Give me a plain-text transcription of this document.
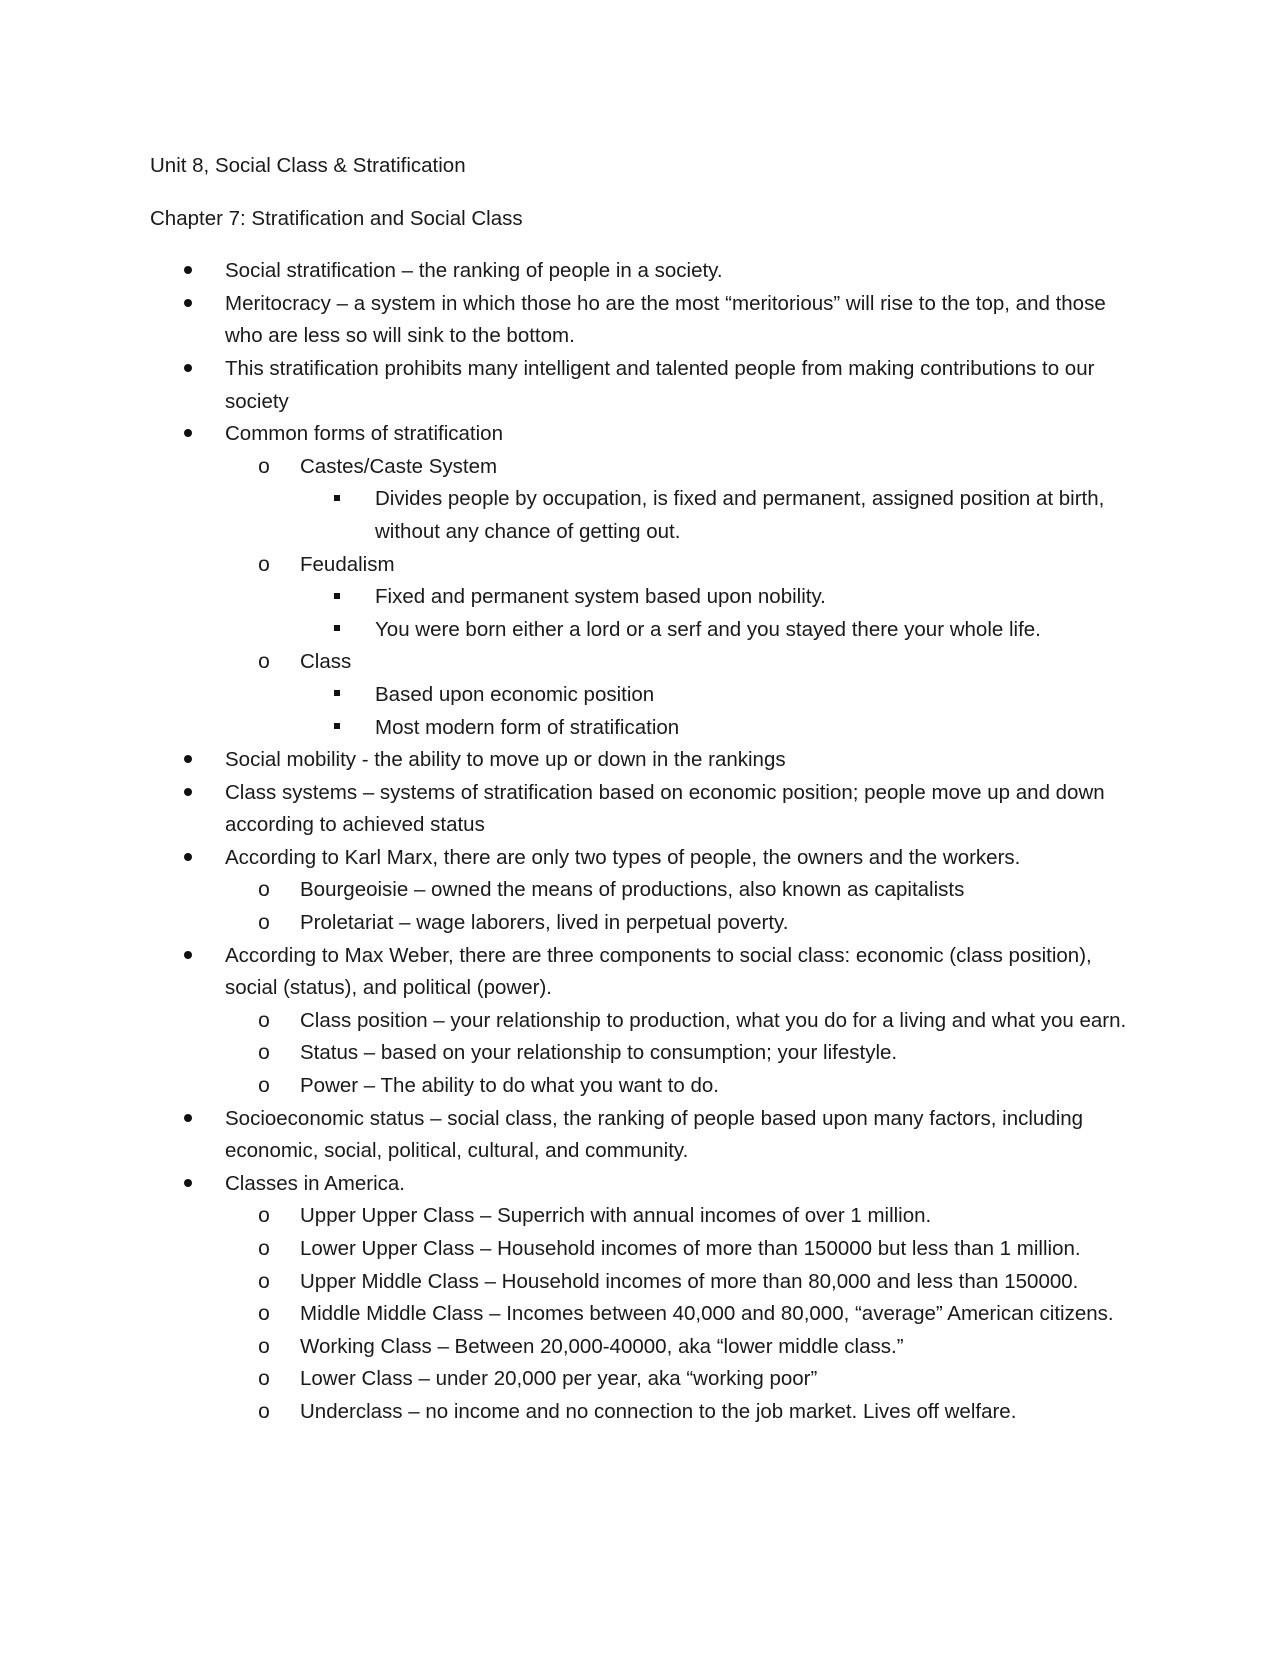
Unit 8, Social Class & Stratification

Chapter 7: Stratification and Social Class

Social stratification – the ranking of people in a society.
Meritocracy – a system in which those ho are the most “meritorious” will rise to the top, and those who are less so will sink to the bottom.
This stratification prohibits many intelligent and talented people from making contributions to our society
Common forms of stratification
o Castes/Caste System
Divides people by occupation, is fixed and permanent, assigned position at birth, without any chance of getting out.
o Feudalism
Fixed and permanent system based upon nobility.
You were born either a lord or a serf and you stayed there your whole life.
o Class
Based upon economic position
Most modern form of stratification
Social mobility - the ability to move up or down in the rankings
Class systems – systems of stratification based on economic position; people move up and down according to achieved status
According to Karl Marx, there are only two types of people, the owners and the workers.
o Bourgeoisie – owned the means of productions, also known as capitalists
o Proletariat – wage laborers, lived in perpetual poverty.
According to Max Weber, there are three components to social class: economic (class position), social (status), and political (power).
o Class position – your relationship to production, what you do for a living and what you earn.
o Status – based on your relationship to consumption; your lifestyle.
o Power – The ability to do what you want to do.
Socioeconomic status – social class, the ranking of people based upon many factors, including economic, social, political, cultural, and community.
Classes in America.
o Upper Upper Class – Superrich with annual incomes of over 1 million.
o Lower Upper Class – Household incomes of more than 150000 but less than 1 million.
o Upper Middle Class – Household incomes of more than 80,000 and less than 150000.
o Middle Middle Class – Incomes between 40,000 and 80,000, “average” American citizens.
o Working Class – Between 20,000-40000, aka “lower middle class.”
o Lower Class – under 20,000 per year, aka “working poor”
o Underclass – no income and no connection to the job market. Lives off welfare.
